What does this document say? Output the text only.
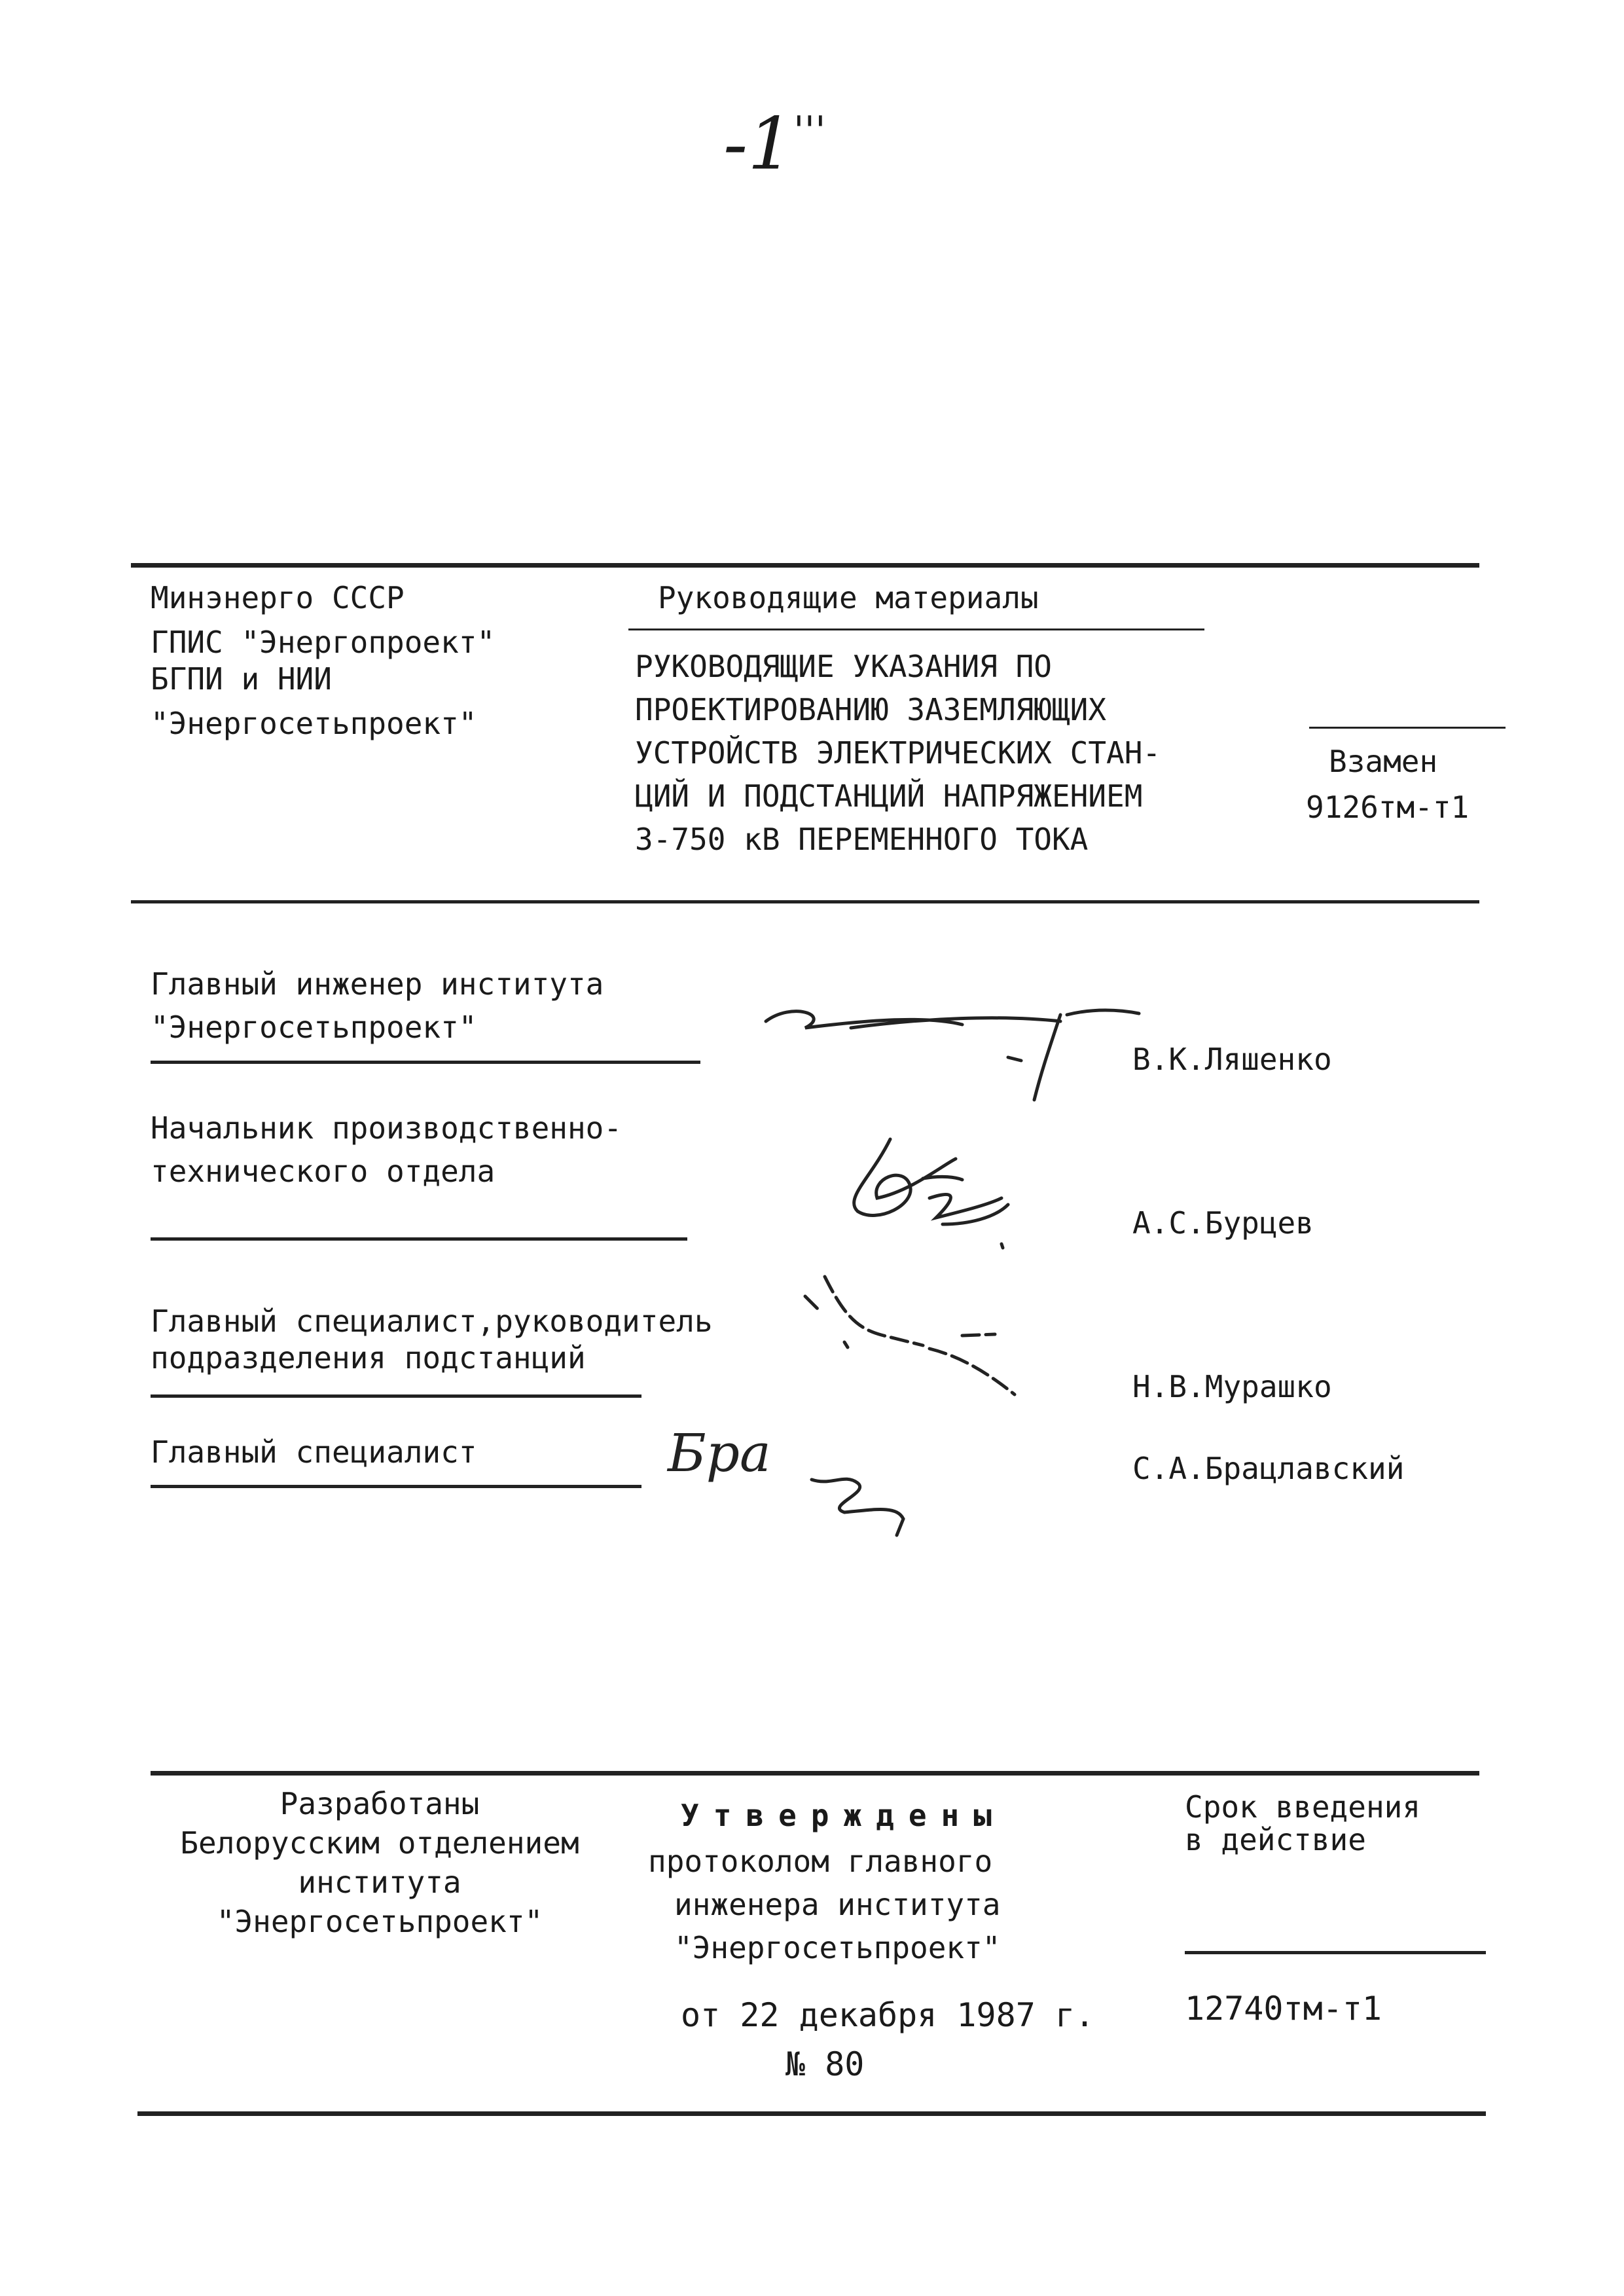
-1'''
Минэнерго СССР
ГПИС "Энергопроект"
БГПИ и НИИ
"Энергосетьпроект"
Руководящие материалы
РУКОВОДЯЩИЕ УКАЗАНИЯ ПО
ПРОЕКТИРОВАНИЮ ЗАЗЕМЛЯЮЩИХ
УСТРОЙСТВ ЭЛЕКТРИЧЕСКИХ СТАН-
ЦИЙ И ПОДСТАНЦИЙ НАПРЯЖЕНИЕМ
3-750 кВ ПЕРЕМЕННОГО ТОКА
Взамен
9126тм-т1
Главный инженер института
"Энергосетьпроект"
В.К.Ляшенко
Начальник производственно-
технического отдела
А.С.Бурцев
Главный специалист,руководитель
подразделения подстанций
Н.В.Мурашко
Главный специалист	С.А.Брацлавский
Бра
Разработаны
Белорусским отделением
института
"Энергосетьпроект"
Утверждены
протоколом главного
инженера института
"Энергосетьпроект"
от 22 декабря 1987 г.
№ 80
Срок введения
в действие
12740тм-т1
